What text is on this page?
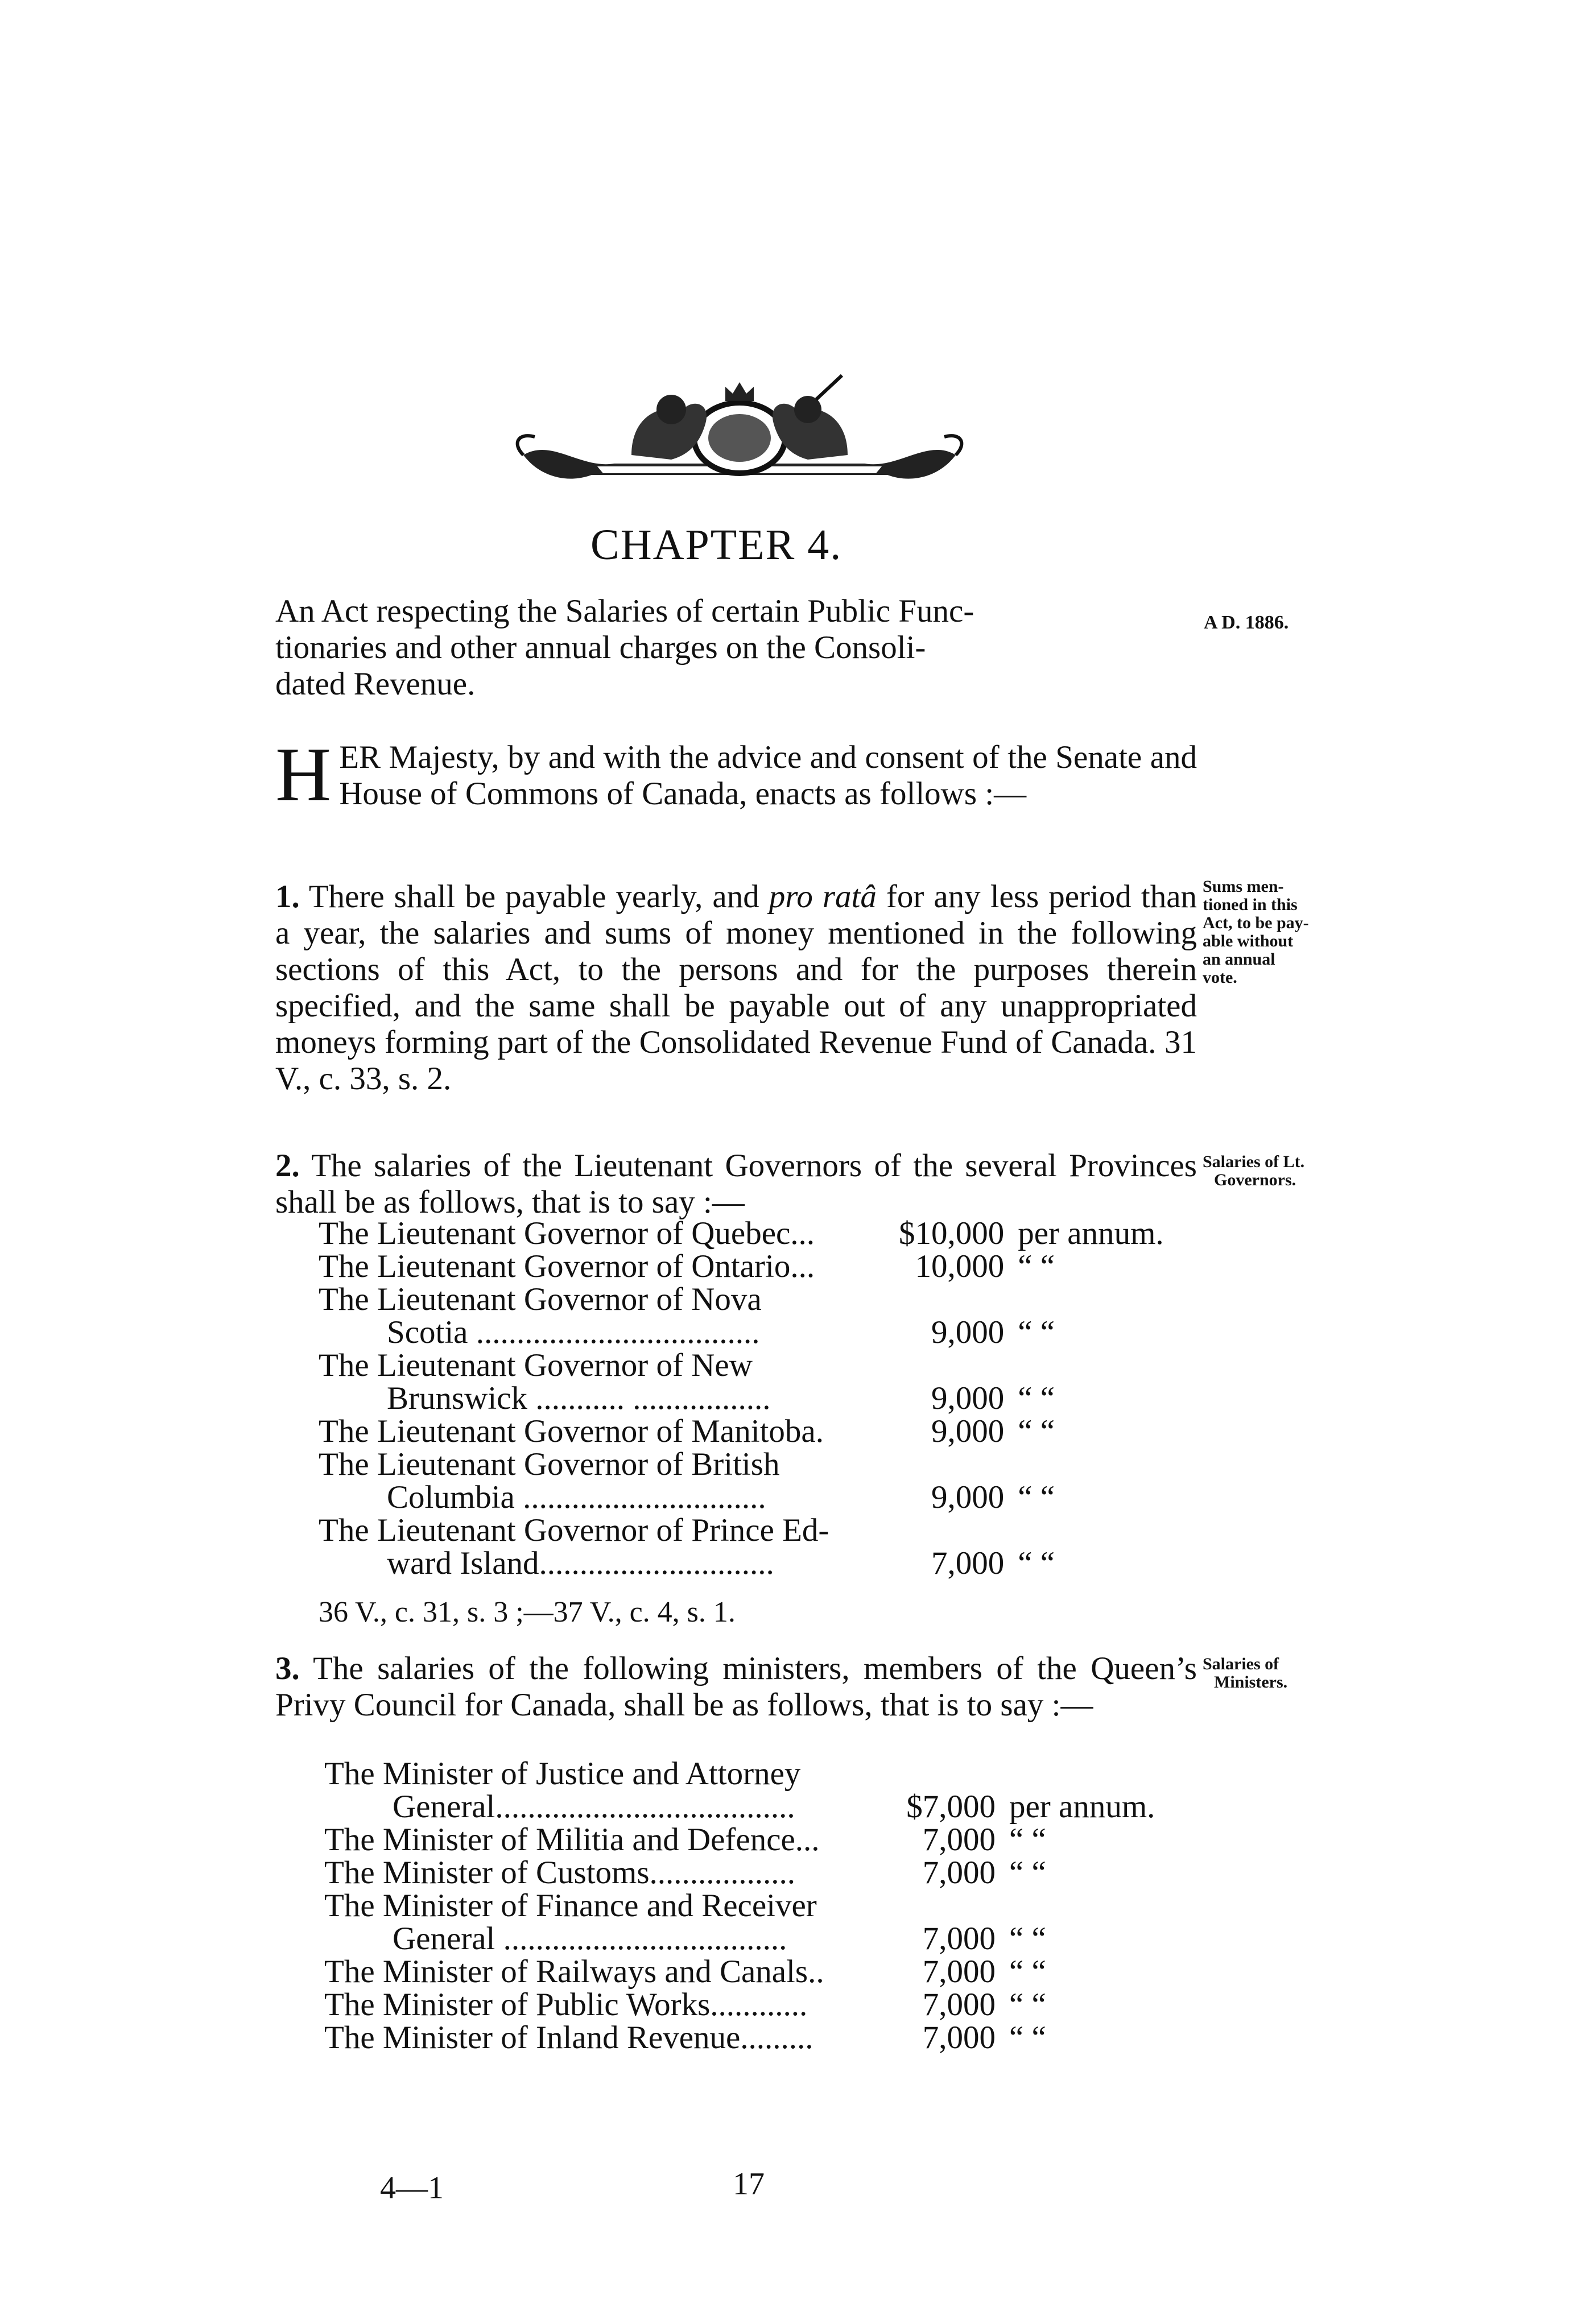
CHAPTER 4.

An Act respecting the Salaries of certain Public Func-

tionaries and other annual charges on the Consoli-

dated Revenue.

A D. 1886.
HER Majesty, by and with the advice and consent of the Senate and House of Commons of Canada, enacts as follows :—
1. There shall be payable yearly, and pro ratâ for any less period than a year, the salaries and sums of money mentioned in the following sections of this Act, to the persons and for the purposes therein specified, and the same shall be payable out of any unappropriated moneys forming part of the Consolidated Revenue Fund of Canada. 31 V., c. 33, s. 2.
Sums men-
tioned in this
Act, to be pay-
able without
an annual
vote.
2. The salaries of the Lieutenant Governors of the several Provinces shall be as follows, that is to say :—
Salaries of Lt.
Governors.
The Lieutenant Governor of Quebec...	$10,000	per annum.
The Lieutenant Governor of Ontario...	10,000	“ “
The Lieutenant Governor of Nova
Scotia ...................................	9,000	“ “
The Lieutenant Governor of New
Brunswick ........... .................	9,000	“ “
The Lieutenant Governor of Manitoba.	9,000	“ “
The Lieutenant Governor of British
Columbia ..............................	9,000	“ “
The Lieutenant Governor of Prince Ed-
ward Island.............................	7,000	“ “
36 V., c. 31, s. 3 ;—37 V., c. 4, s. 1.
3. The salaries of the following ministers, members of the Queen’s Privy Council for Canada, shall be as follows, that is to say :—
Salaries of
Ministers.
The Minister of Justice and Attorney
General.....................................	$7,000	per annum.
The Minister of Militia and Defence...	7,000	“ “
The Minister of Customs..................	7,000	“ “
The Minister of Finance and Receiver
General ...................................	7,000	“ “
The Minister of Railways and Canals..	7,000	“ “
The Minister of Public Works............	7,000	“ “
The Minister of Inland Revenue.........	7,000	“ “
4—1	17
